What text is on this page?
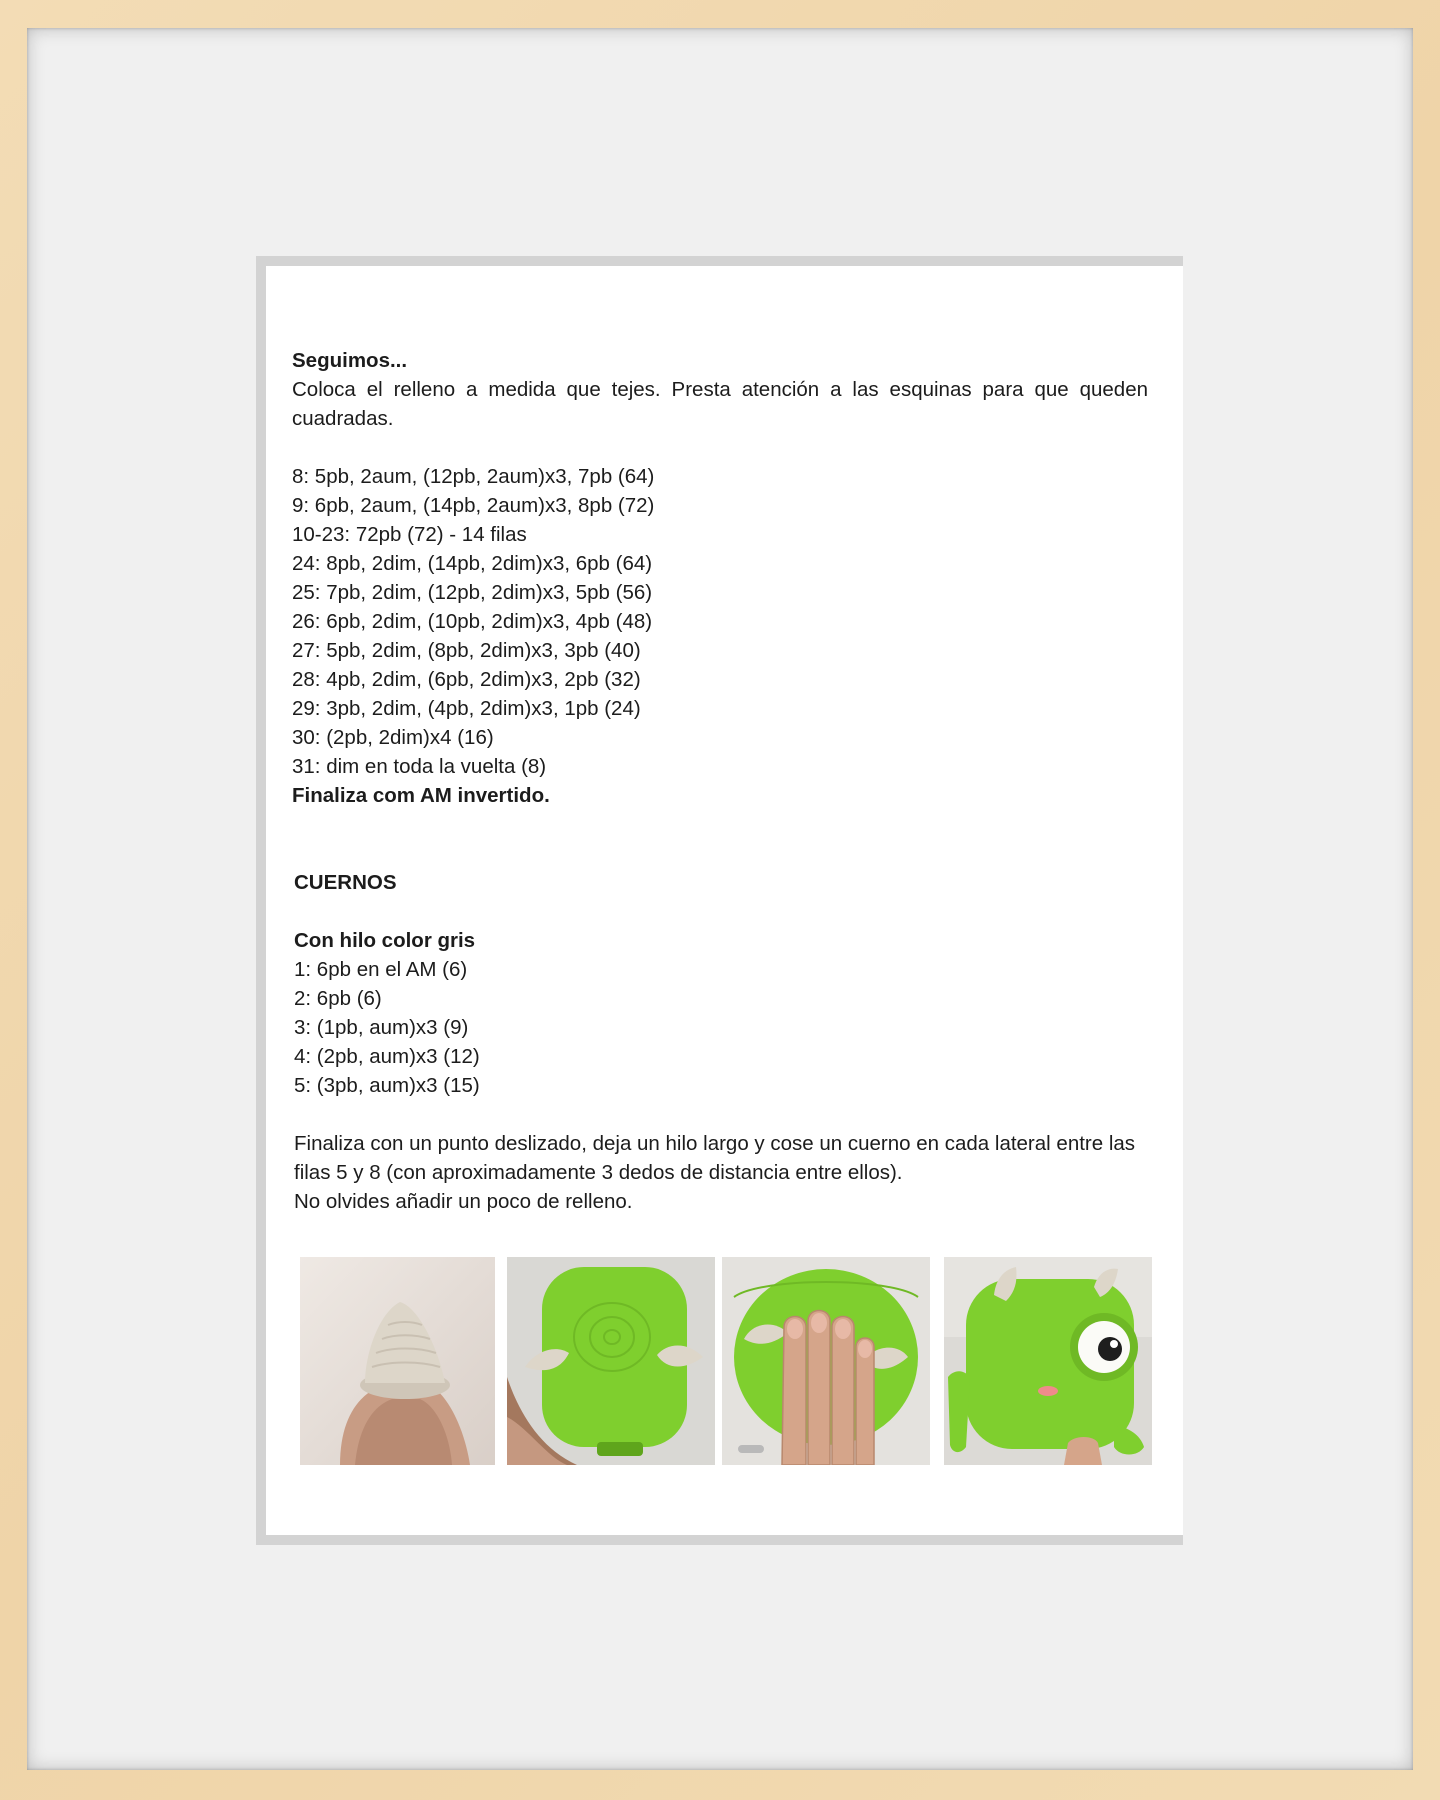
Seguimos...
Coloca el relleno a medida que tejes. Presta atención a las esquinas para que queden cuadradas.
8: 5pb, 2aum, (12pb, 2aum)x3, 7pb (64)
9: 6pb, 2aum, (14pb, 2aum)x3, 8pb (72)
10-23: 72pb (72) - 14 filas
24: 8pb, 2dim, (14pb, 2dim)x3, 6pb (64)
25: 7pb, 2dim, (12pb, 2dim)x3, 5pb (56)
26: 6pb, 2dim, (10pb, 2dim)x3, 4pb (48)
27: 5pb, 2dim, (8pb, 2dim)x3, 3pb (40)
28: 4pb, 2dim, (6pb, 2dim)x3, 2pb (32)
29: 3pb, 2dim, (4pb, 2dim)x3, 1pb (24)
30: (2pb, 2dim)x4 (16)
31: dim en toda la vuelta (8)
Finaliza com AM invertido.
CUERNOS
Con hilo color gris
1: 6pb en el AM (6)
2: 6pb (6)
3: (1pb, aum)x3 (9)
4: (2pb, aum)x3 (12)
5: (3pb, aum)x3 (15)
Finaliza con un punto deslizado, deja un hilo largo y cose un cuerno en cada lateral entre las
filas 5 y 8 (con aproximadamente 3 dedos de distancia entre ellos).
No olvides añadir un poco de relleno.
